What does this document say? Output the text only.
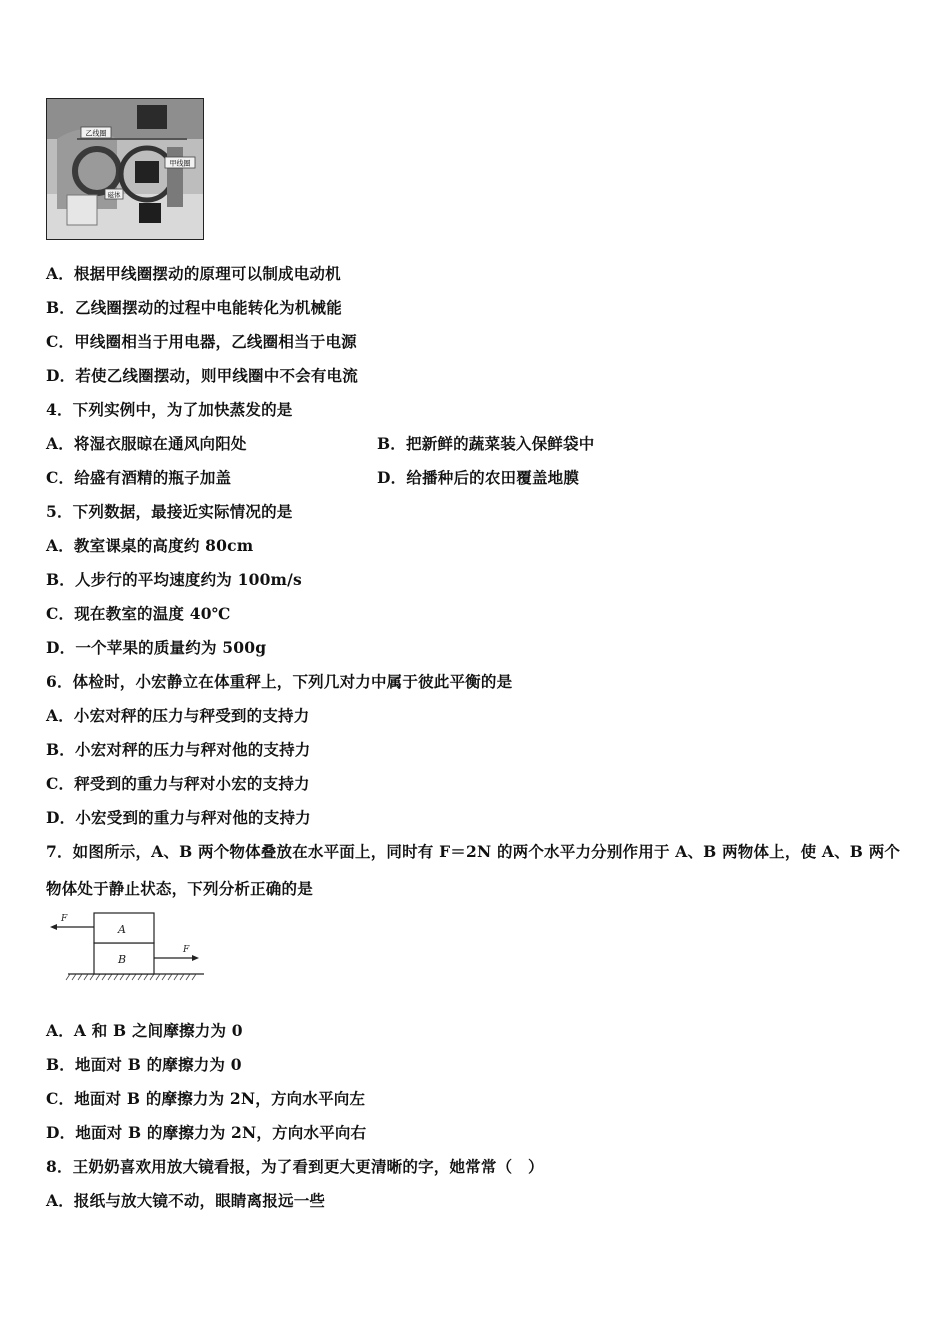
乙线圈
甲线圈
磁体
A．根据甲线圈摆动的原理可以制成电动机
B．乙线圈摆动的过程中电能转化为机械能
C．甲线圈相当于用电器，乙线圈相当于电源
D．若使乙线圈摆动，则甲线圈中不会有电流
4．下列实例中，为了加快蒸发的是
A．将湿衣服晾在通风向阳处	B．把新鲜的蔬菜装入保鲜袋中
C．给盛有酒精的瓶子加盖	D．给播种后的农田覆盖地膜
5．下列数据，最接近实际情况的是
A．教室课桌的高度约 80cm
B．人步行的平均速度约为 100m/s
C．现在教室的温度 40℃
D．一个苹果的质量约为 500g
6．体检时，小宏静立在体重秤上，下列几对力中属于彼此平衡的是
A．小宏对秤的压力与秤受到的支持力
B．小宏对秤的压力与秤对他的支持力
C．秤受到的重力与秤对小宏的支持力
D．小宏受到的重力与秤对他的支持力
7．如图所示，A、B 两个物体叠放在水平面上，同时有 F＝2N 的两个水平力分别作用于 A、B 两物体上，使 A、B 两个
物体处于静止状态，下列分析正确的是
A
B
F
F
A．A 和 B 之间摩擦力为 0
B．地面对 B 的摩擦力为 0
C．地面对 B 的摩擦力为 2N，方向水平向左
D．地面对 B 的摩擦力为 2N，方向水平向右
8．王奶奶喜欢用放大镜看报，为了看到更大更清晰的字，她常常（　）
A．报纸与放大镜不动，眼睛离报远一些
